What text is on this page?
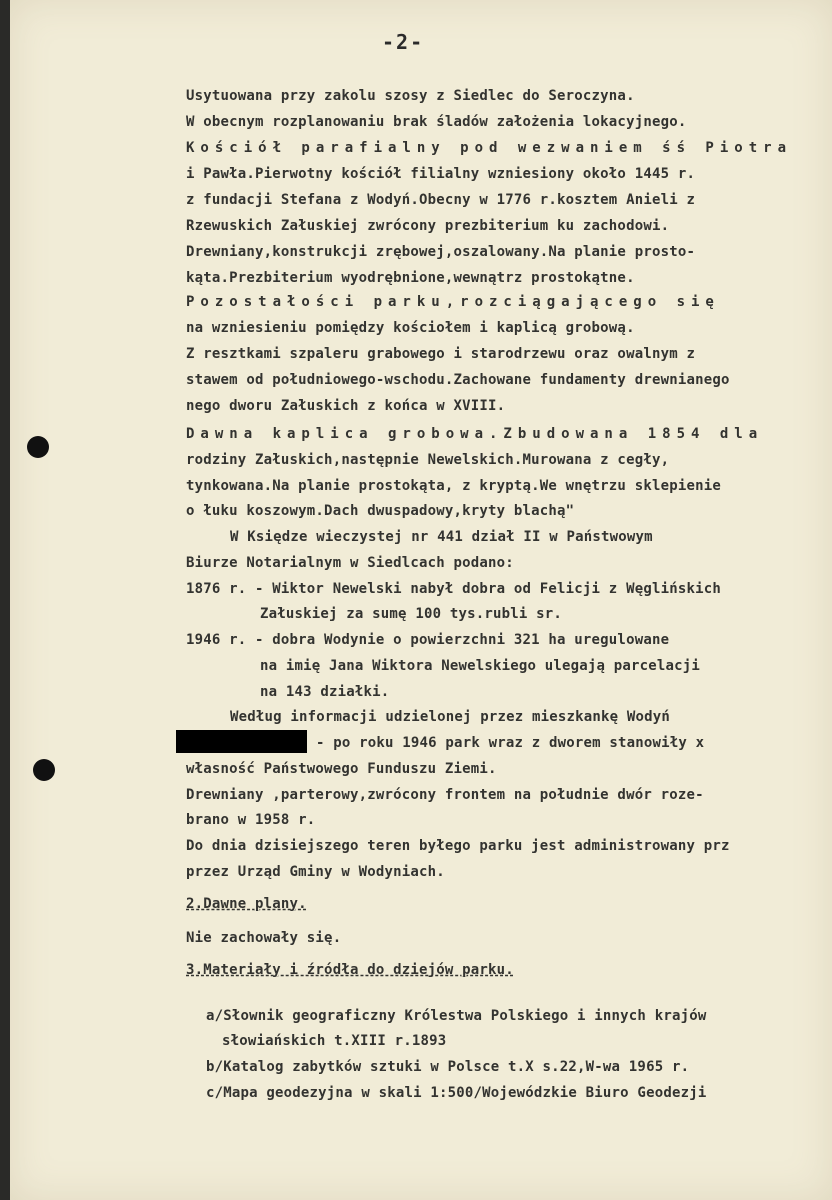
-2-
Usytuowana przy zakolu szosy z Siedlec do Seroczyna.
W obecnym rozplanowaniu brak śladów założenia lokacyjnego.
Kościół parafialny pod wezwaniem śś Piotra
i Pawła.Pierwotny kościół filialny wzniesiony około 1445 r.
z fundacji Stefana z Wodyń.Obecny w 1776 r.kosztem Anieli z
Rzewuskich Załuskiej zwrócony prezbiterium ku zachodowi.
Drewniany,konstrukcji zrębowej,oszalowany.Na planie prosto-
kąta.Prezbiterium wyodrębnione,wewnątrz prostokątne.
Pozostałości parku,rozciągającego się
na wzniesieniu pomiędzy kościołem i kaplicą grobową.
Z resztkami szpaleru grabowego i starodrzewu oraz owalnym z
stawem od południowego-wschodu.Zachowane fundamenty drewnianego
nego dworu Załuskich z końca w XVIII.
Dawna kaplica grobowa.Zbudowana 1854 dla
rodziny Załuskich,następnie Newelskich.Murowana z cegły,
tynkowana.Na planie prostokąta, z kryptą.We wnętrzu sklepienie
o łuku koszowym.Dach dwuspadowy,kryty blachą"
W Księdze wieczystej nr 441 dział II w Państwowym
Biurze Notarialnym w Siedlcach podano:
1876 r. - Wiktor Newelski nabył dobra od Felicji z Węglińskich
Załuskiej za sumę 100 tys.rubli sr.
1946 r. - dobra Wodynie o powierzchni 321 ha uregulowane
na imię Jana Wiktora Newelskiego ulegają parcelacji
na 143 działki.
Według informacji udzielonej przez mieszkankę Wodyń
- po roku 1946 park wraz z dworem stanowiły x
własność Państwowego Funduszu Ziemi.
Drewniany ,parterowy,zwrócony frontem na południe dwór roze-
brano w 1958 r.
Do dnia dzisiejszego teren byłego parku jest administrowany prz
przez Urząd Gminy w Wodyniach.
2.Dawne plany.
Nie zachowały się.
3.Materiały i źródła do dziejów parku.
a/Słownik geograficzny Królestwa Polskiego i innych krajów
słowiańskich t.XIII r.1893
b/Katalog zabytków sztuki w Polsce t.X s.22,W-wa 1965 r.
c/Mapa geodezyjna w skali 1:500/Wojewódzkie Biuro Geodezji
